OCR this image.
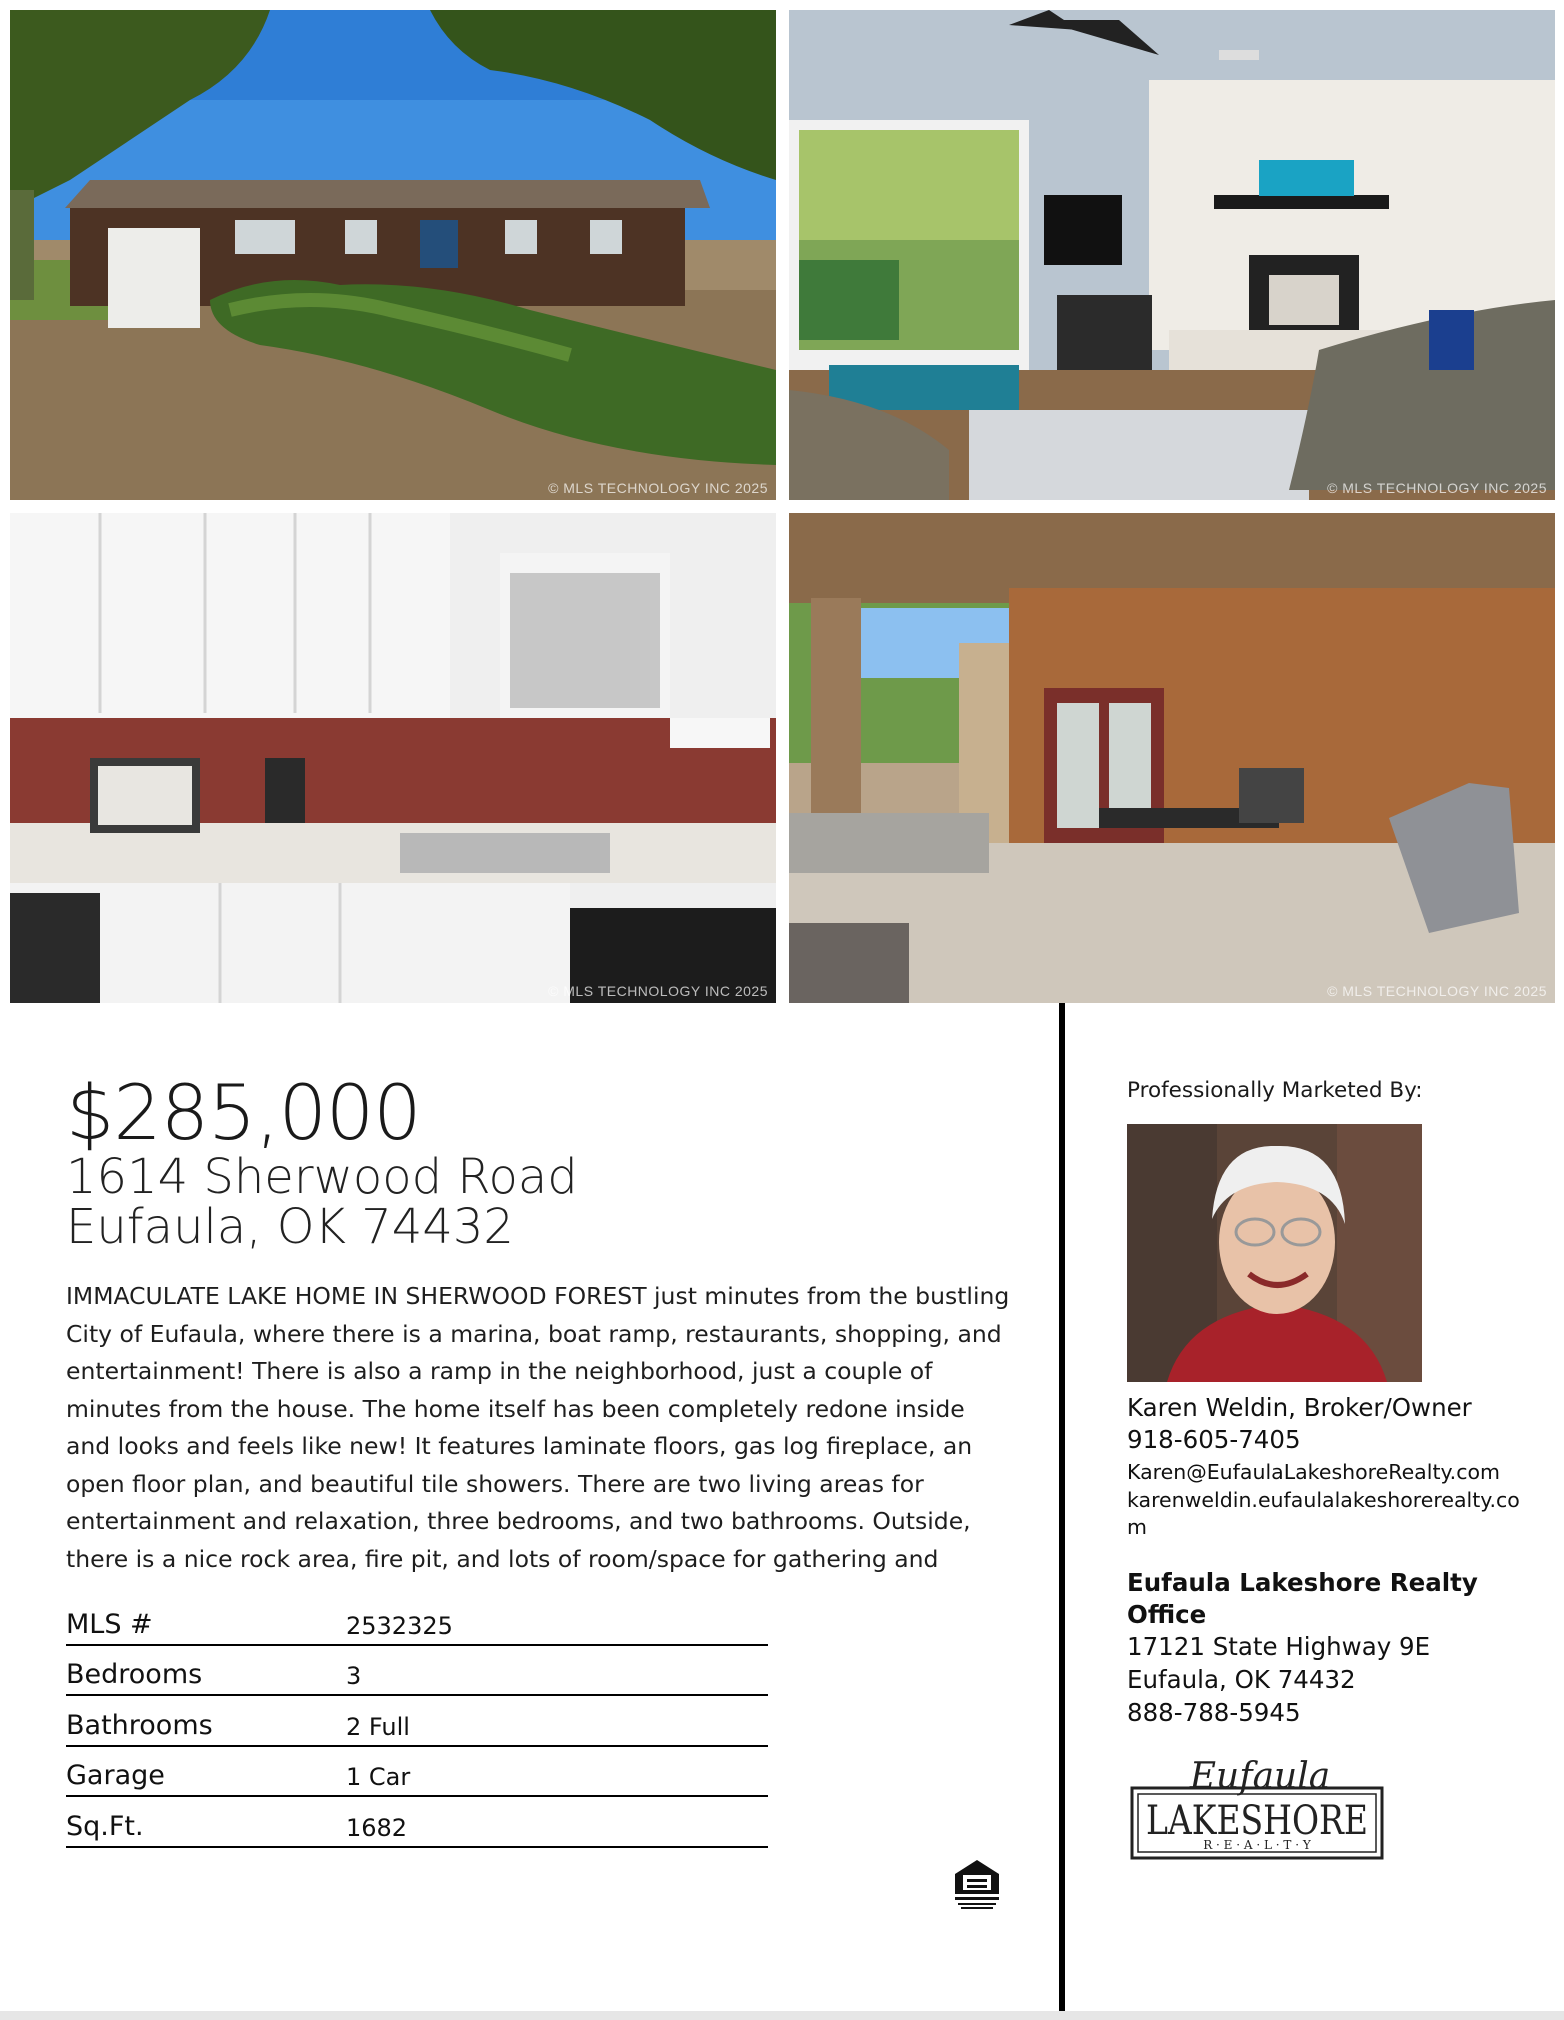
© MLS TECHNOLOGY INC 2025	© MLS TECHNOLOGY INC 2025
© MLS TECHNOLOGY INC 2025	© MLS TECHNOLOGY INC 2025
$285,000
1614 Sherwood Road
Eufaula, OK 74432
IMMACULATE LAKE HOME IN SHERWOOD FOREST just minutes from the bustling City of Eufaula, where there is a marina, boat ramp, restaurants, shopping, and entertainment! There is also a ramp in the neighborhood, just a couple of minutes from the house. The home itself has been completely redone inside and looks and feels like new! It features laminate floors, gas log fireplace, an open floor plan, and beautiful tile showers. There are two living areas for entertainment and relaxation, three bedrooms, and two bathrooms. Outside, there is a nice rock area, fire pit, and lots of room/space for gathering and
MLS #	2532325
Bedrooms	3
Bathrooms	2 Full
Garage	1 Car
Sq.Ft.	1682
Professionally Marketed By:
Karen Weldin, Broker/Owner
918-605-7405
Karen@EufaulaLakeshoreRealty.com
karenweldin.eufaulalakeshorerealty.co
m
Eufaula Lakeshore Realty Office
17121 State Highway 9E
Eufaula, OK 74432
888-788-5945
Eufaula
LAKESHORE
R · E · A · L · T · Y
